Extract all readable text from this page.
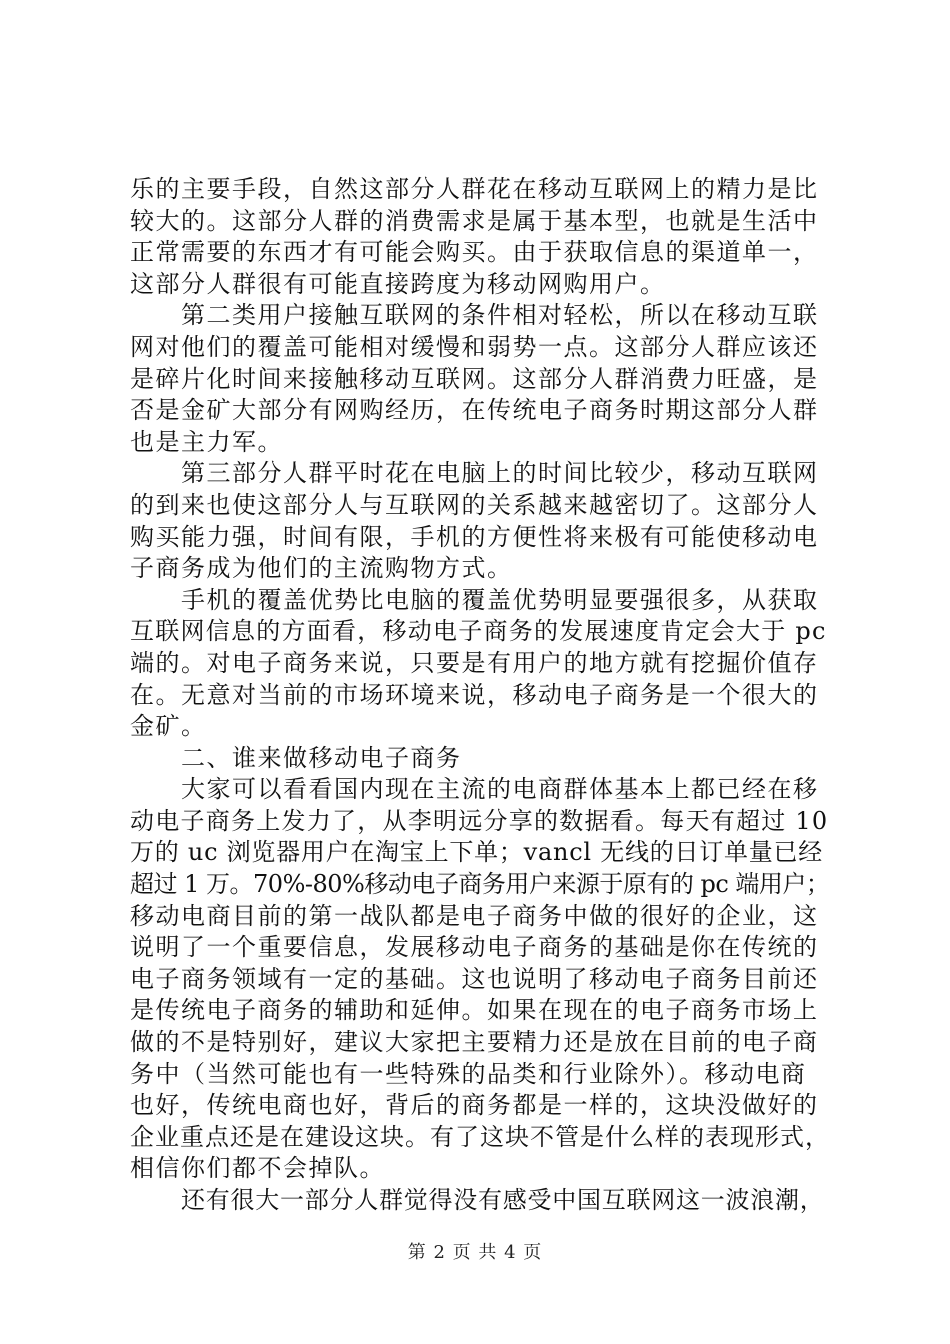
乐的主要手段，自然这部分人群花在移动互联网上的精力是比
较大的。这部分人群的消费需求是属于基本型，也就是生活中
正常需要的东西才有可能会购买。由于获取信息的渠道单一，
这部分人群很有可能直接跨度为移动网购用户。
第二类用户接触互联网的条件相对轻松，所以在移动互联
网对他们的覆盖可能相对缓慢和弱势一点。这部分人群应该还
是碎片化时间来接触移动互联网。这部分人群消费力旺盛，是
否是金矿大部分有网购经历，在传统电子商务时期这部分人群
也是主力军。
第三部分人群平时花在电脑上的时间比较少，移动互联网
的到来也使这部分人与互联网的关系越来越密切了。这部分人
购买能力强，时间有限，手机的方便性将来极有可能使移动电
子商务成为他们的主流购物方式。
手机的覆盖优势比电脑的覆盖优势明显要强很多，从获取
互联网信息的方面看，移动电子商务的发展速度肯定会大于 pc
端的。对电子商务来说，只要是有用户的地方就有挖掘价值存
在。无意对当前的市场环境来说，移动电子商务是一个很大的
金矿。
二、谁来做移动电子商务
大家可以看看国内现在主流的电商群体基本上都已经在移
动电子商务上发力了，从李明远分享的数据看。每天有超过 10
万的 uc 浏览器用户在淘宝上下单；vancl 无线的日订单量已经
超过 1 万。70%-80%移动电子商务用户来源于原有的 pc 端用户；
移动电商目前的第一战队都是电子商务中做的很好的企业，这
说明了一个重要信息，发展移动电子商务的基础是你在传统的
电子商务领域有一定的基础。这也说明了移动电子商务目前还
是传统电子商务的辅助和延伸。如果在现在的电子商务市场上
做的不是特别好，建议大家把主要精力还是放在目前的电子商
务中（当然可能也有一些特殊的品类和行业除外）。移动电商
也好，传统电商也好，背后的商务都是一样的，这块没做好的
企业重点还是在建设这块。有了这块不管是什么样的表现形式，
相信你们都不会掉队。
还有很大一部分人群觉得没有感受中国互联网这一波浪潮，
第 2 页 共 4 页
